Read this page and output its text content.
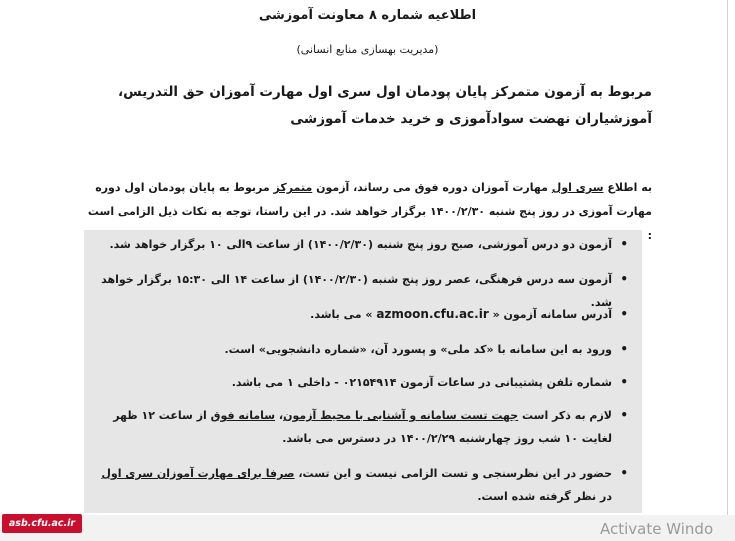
اطلاعیه شماره ۸ معاونت آموزشی
(مدیریت بهسازی منابع انسانی)
مربوط به آزمون متمرکز پایان پودمان اول سری اول مهارت آموزان حق التدریس، آموزشیاران نهضت سوادآموزی و خرید خدمات آموزشی

به اطلاع سری اول مهارت آموزان دوره فوق می رساند، آزمون متمرکز مربوط به پایان پودمان اول دوره مهارت آموزی در روز پنج شنبه ۱۴۰۰/۲/۳۰ برگزار خواهد شد. در این راستا، توجه به نکات ذیل الزامی است :

• آزمون دو درس آموزشی، صبح روز پنج شنبه (۱۴۰۰/۲/۳۰) از ساعت ۹الی ۱۰ برگزار خواهد شد.
• آزمون سه درس فرهنگی، عصر روز پنج شنبه (۱۴۰۰/۲/۳۰) از ساعت ۱۴ الی ۱۵:۳۰ برگزار خواهد شد.
• آدرس سامانه آزمون « azmoon.cfu.ac.ir » می باشد.
• ورود به این سامانه با «کد ملی» و پسورد آن، «شماره دانشجویی» است.
• شماره تلفن پشتیبانی در ساعات آزمون ۰۲۱۵۴۹۱۴ - داخلی ۱ می باشد.
• لازم به ذکر است جهت تست سامانه و آشنایی با محیط آزمون، سامانه فوق از ساعت ۱۲ ظهر لغایت ۱۰ شب روز چهارشنبه ۱۴۰۰/۲/۲۹ در دسترس می باشد.
• حضور در این نظرسنجی و تست الزامی نیست و این تست، صرفا برای مهارت آموزان سری اول در نظر گرفته شده است.
asb.cfu.ac.ir	Activate Windo
